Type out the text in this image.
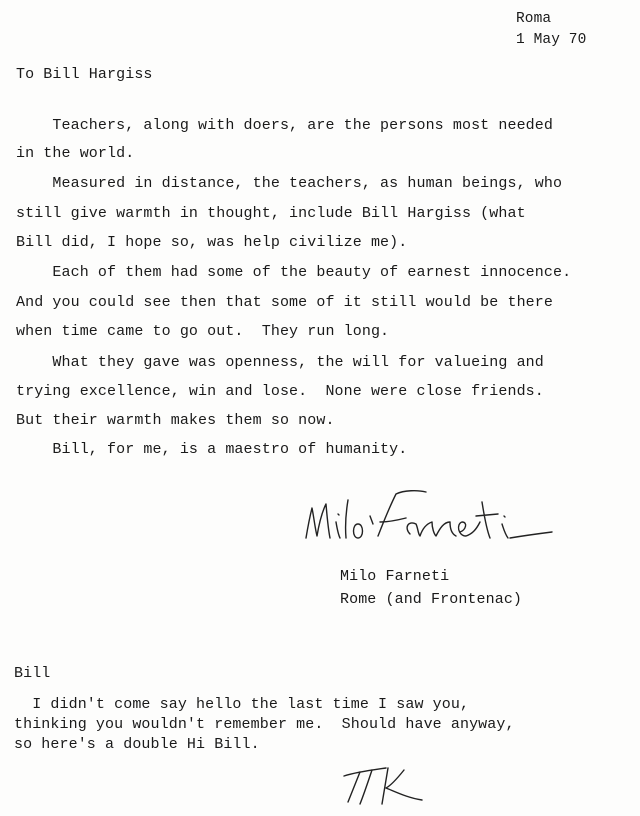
Roma
1 May 70
To Bill Hargiss
Teachers, along with doers, are the persons most needed
in the world.
Measured in distance, the teachers, as human beings, who
still give warmth in thought, include Bill Hargiss (what
Bill did, I hope so, was help civilize me).
Each of them had some of the beauty of earnest innocence.
And you could see then that some of it still would be there
when time came to go out.  They run long.
What they gave was openness, the will for valueing and
trying excellence, win and lose.  None were close friends.
But their warmth makes them so now.
Bill, for me, is a maestro of humanity.
Milo Farneti
Rome (and Frontenac)
Bill
I didn't come say hello the last time I saw you,
thinking you wouldn't remember me.  Should have anyway,
so here's a double Hi Bill.
